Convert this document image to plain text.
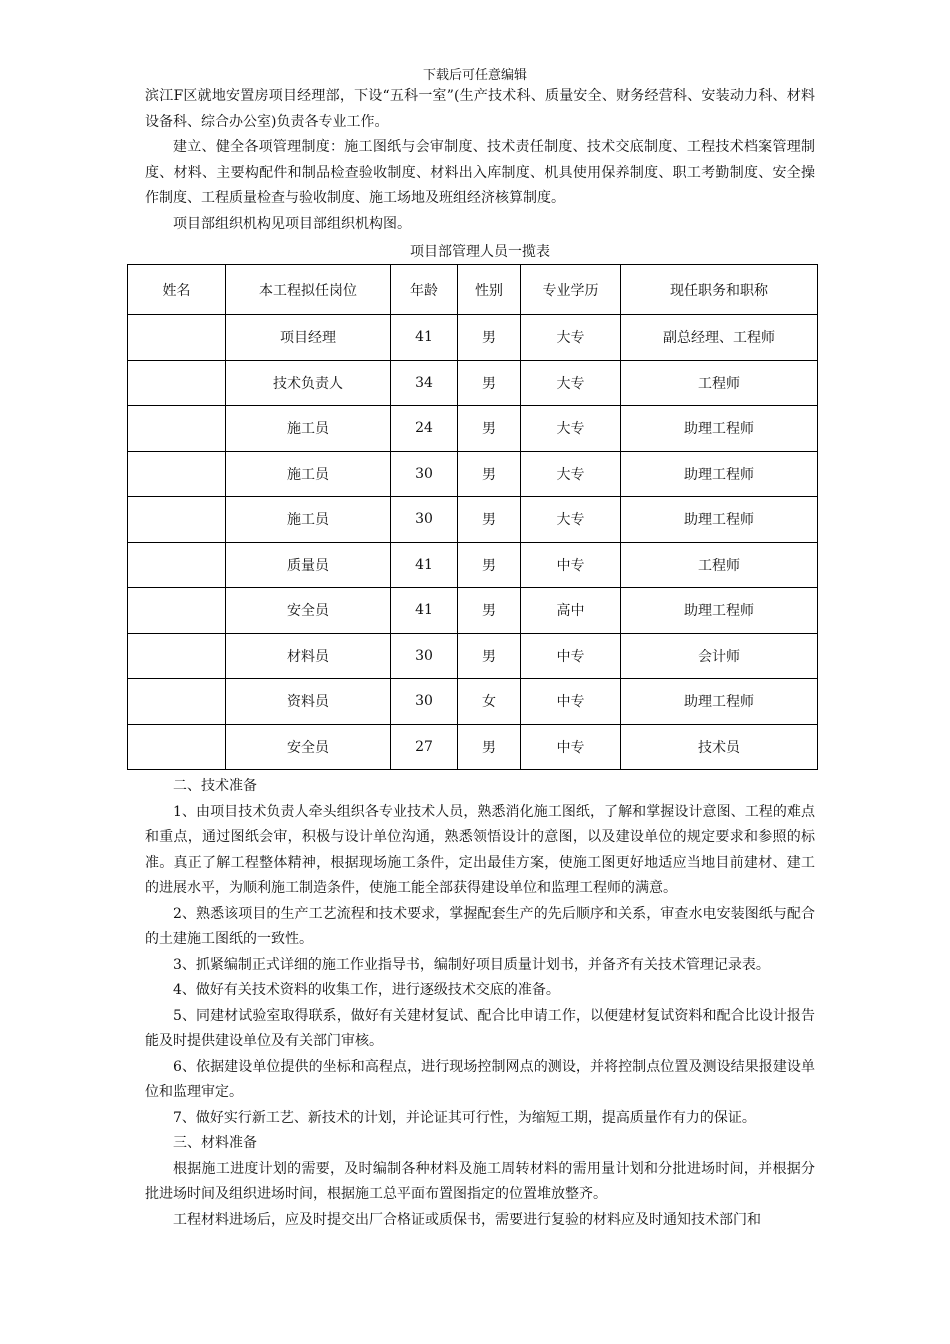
下载后可任意编辑

滨江F区就地安置房项目经理部，下设“五科一室”(生产技术科、质量安全、财务经营科、安装动力科、材料设备科、综合办公室)负责各专业工作。

建立、健全各项管理制度：施工图纸与会审制度、技术责任制度、技术交底制度、工程技术档案管理制度、材料、主要构配件和制品检查验收制度、材料出入库制度、机具使用保养制度、职工考勤制度、安全操作制度、工程质量检查与验收制度、施工场地及班组经济核算制度。

项目部组织机构见项目部组织机构图。

项目部管理人员一揽表
姓名	本工程拟任岗位	年龄	性别	专业学历	现任职务和职称
	项目经理	41	男	大专	副总经理、工程师
	技术负责人	34	男	大专	工程师
	施工员	24	男	大专	助理工程师
	施工员	30	男	大专	助理工程师
	施工员	30	男	大专	助理工程师
	质量员	41	男	中专	工程师
	安全员	41	男	高中	助理工程师
	材料员	30	男	中专	会计师
	资料员	30	女	中专	助理工程师
	安全员	27	男	中专	技术员

二、技术准备

1、由项目技术负责人牵头组织各专业技术人员，熟悉消化施工图纸，了解和掌握设计意图、工程的难点和重点，通过图纸会审，积极与设计单位沟通，熟悉领悟设计的意图，以及建设单位的规定要求和参照的标准。真正了解工程整体精神，根据现场施工条件，定出最佳方案，使施工图更好地适应当地目前建材、建工的进展水平，为顺利施工制造条件，使施工能全部获得建设单位和监理工程师的满意。

2、熟悉该项目的生产工艺流程和技术要求，掌握配套生产的先后顺序和关系，审查水电安装图纸与配合的土建施工图纸的一致性。

3、抓紧编制正式详细的施工作业指导书，编制好项目质量计划书，并备齐有关技术管理记录表。

4、做好有关技术资料的收集工作，进行逐级技术交底的准备。

5、同建材试验室取得联系，做好有关建材复试、配合比申请工作，以便建材复试资料和配合比设计报告能及时提供建设单位及有关部门审核。

6、依据建设单位提供的坐标和高程点，进行现场控制网点的测设，并将控制点位置及测设结果报建设单位和监理审定。

7、做好实行新工艺、新技术的计划，并论证其可行性，为缩短工期，提高质量作有力的保证。

三、材料准备

根据施工进度计划的需要，及时编制各种材料及施工周转材料的需用量计划和分批进场时间，并根据分批进场时间及组织进场时间，根据施工总平面布置图指定的位置堆放整齐。

工程材料进场后，应及时提交出厂合格证或质保书，需要进行复验的材料应及时通知技术部门和
